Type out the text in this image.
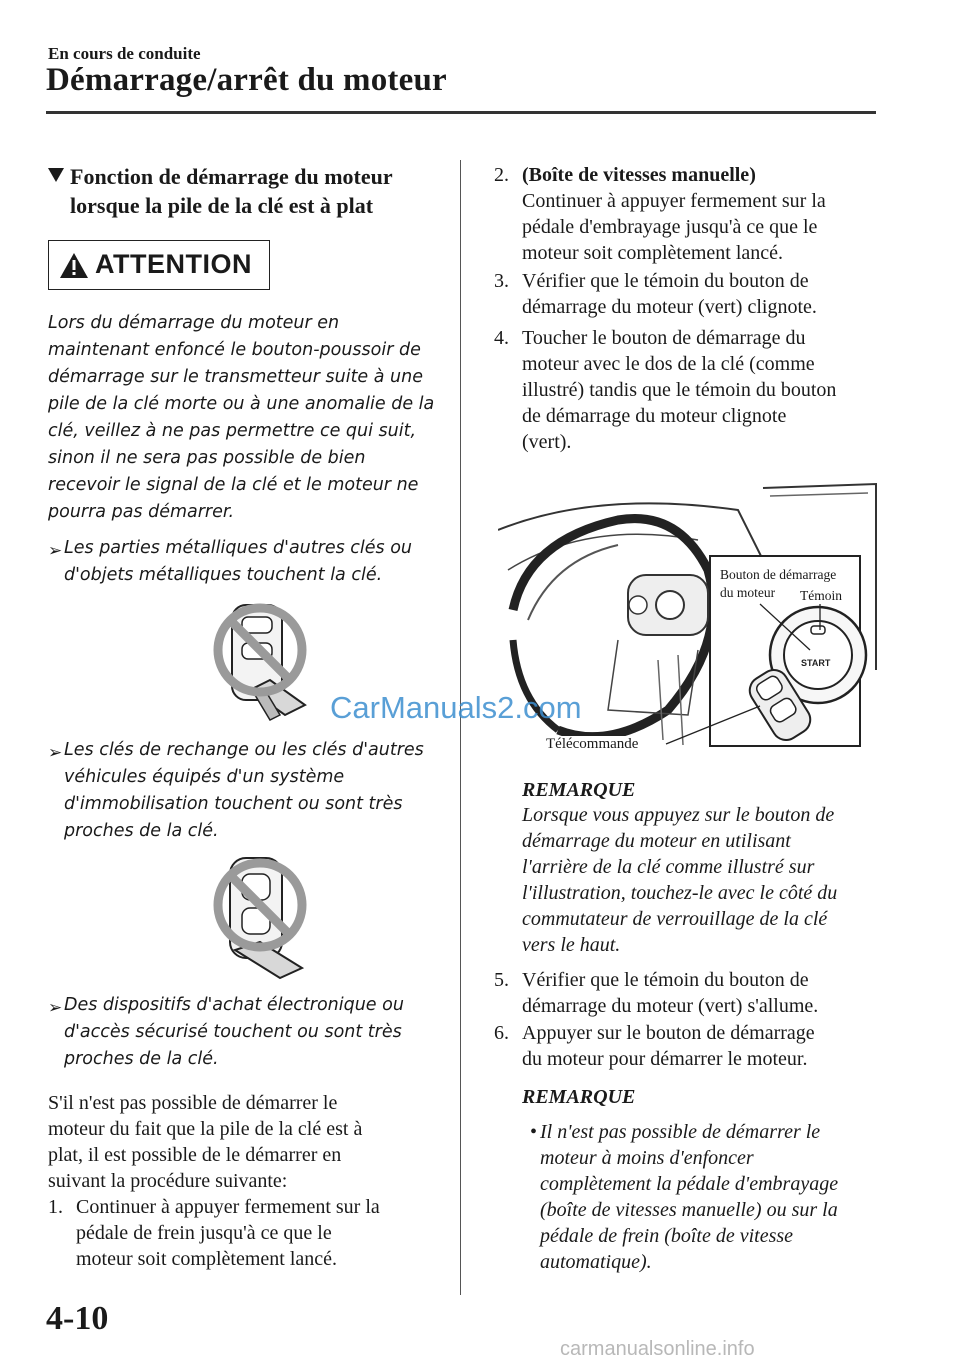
En cours de conduite
Démarrage/arrêt du moteur
Fonction de démarrage du moteur
lorsque la pile de la clé est à plat
ATTENTION
Lors du démarrage du moteur en
maintenant enfoncé le bouton-poussoir de
démarrage sur le transmetteur suite à une
pile de la clé morte ou à une anomalie de la
clé, veillez à ne pas permettre ce qui suit,
sinon il ne sera pas possible de bien
recevoir le signal de la clé et le moteur ne
pourra pas démarrer.
➢ Les parties métalliques d'autres clés ou
d'objets métalliques touchent la clé.
➢ Les clés de rechange ou les clés d'autres
véhicules équipés d'un système
d'immobilisation touchent ou sont très
proches de la clé.
➢ Des dispositifs d'achat électronique ou
d'accès sécurisé touchent ou sont très
proches de la clé.
S'il n'est pas possible de démarrer le
moteur du fait que la pile de la clé est à
plat, il est possible de le démarrer en
suivant la procédure suivante:
1. Continuer à appuyer fermement sur la
pédale de frein jusqu'à ce que le
moteur soit complètement lancé.
2. (Boîte de vitesses manuelle)
Continuer à appuyer fermement sur la
pédale d'embrayage jusqu'à ce que le
moteur soit complètement lancé.
3. Vérifier que le témoin du bouton de
démarrage du moteur (vert) clignote.
4. Toucher le bouton de démarrage du
moteur avec le dos de la clé (comme
illustré) tandis que le témoin du bouton
de démarrage du moteur clignote
(vert).
START
Bouton de démarrage
du moteur	Témoin
Télécommande
REMARQUE
Lorsque vous appuyez sur le bouton de
démarrage du moteur en utilisant
l'arrière de la clé comme illustré sur
l'illustration, touchez-le avec le côté du
commutateur de verrouillage de la clé
vers le haut.
5. Vérifier que le témoin du bouton de
démarrage du moteur (vert) s'allume.
6. Appuyer sur le bouton de démarrage
du moteur pour démarrer le moteur.
REMARQUE
• Il n'est pas possible de démarrer le
moteur à moins d'enfoncer
complètement la pédale d'embrayage
(boîte de vitesses manuelle) ou sur la
pédale de frein (boîte de vitesse
automatique).
4-10
CarManuals2.com
carmanualsonline.info
